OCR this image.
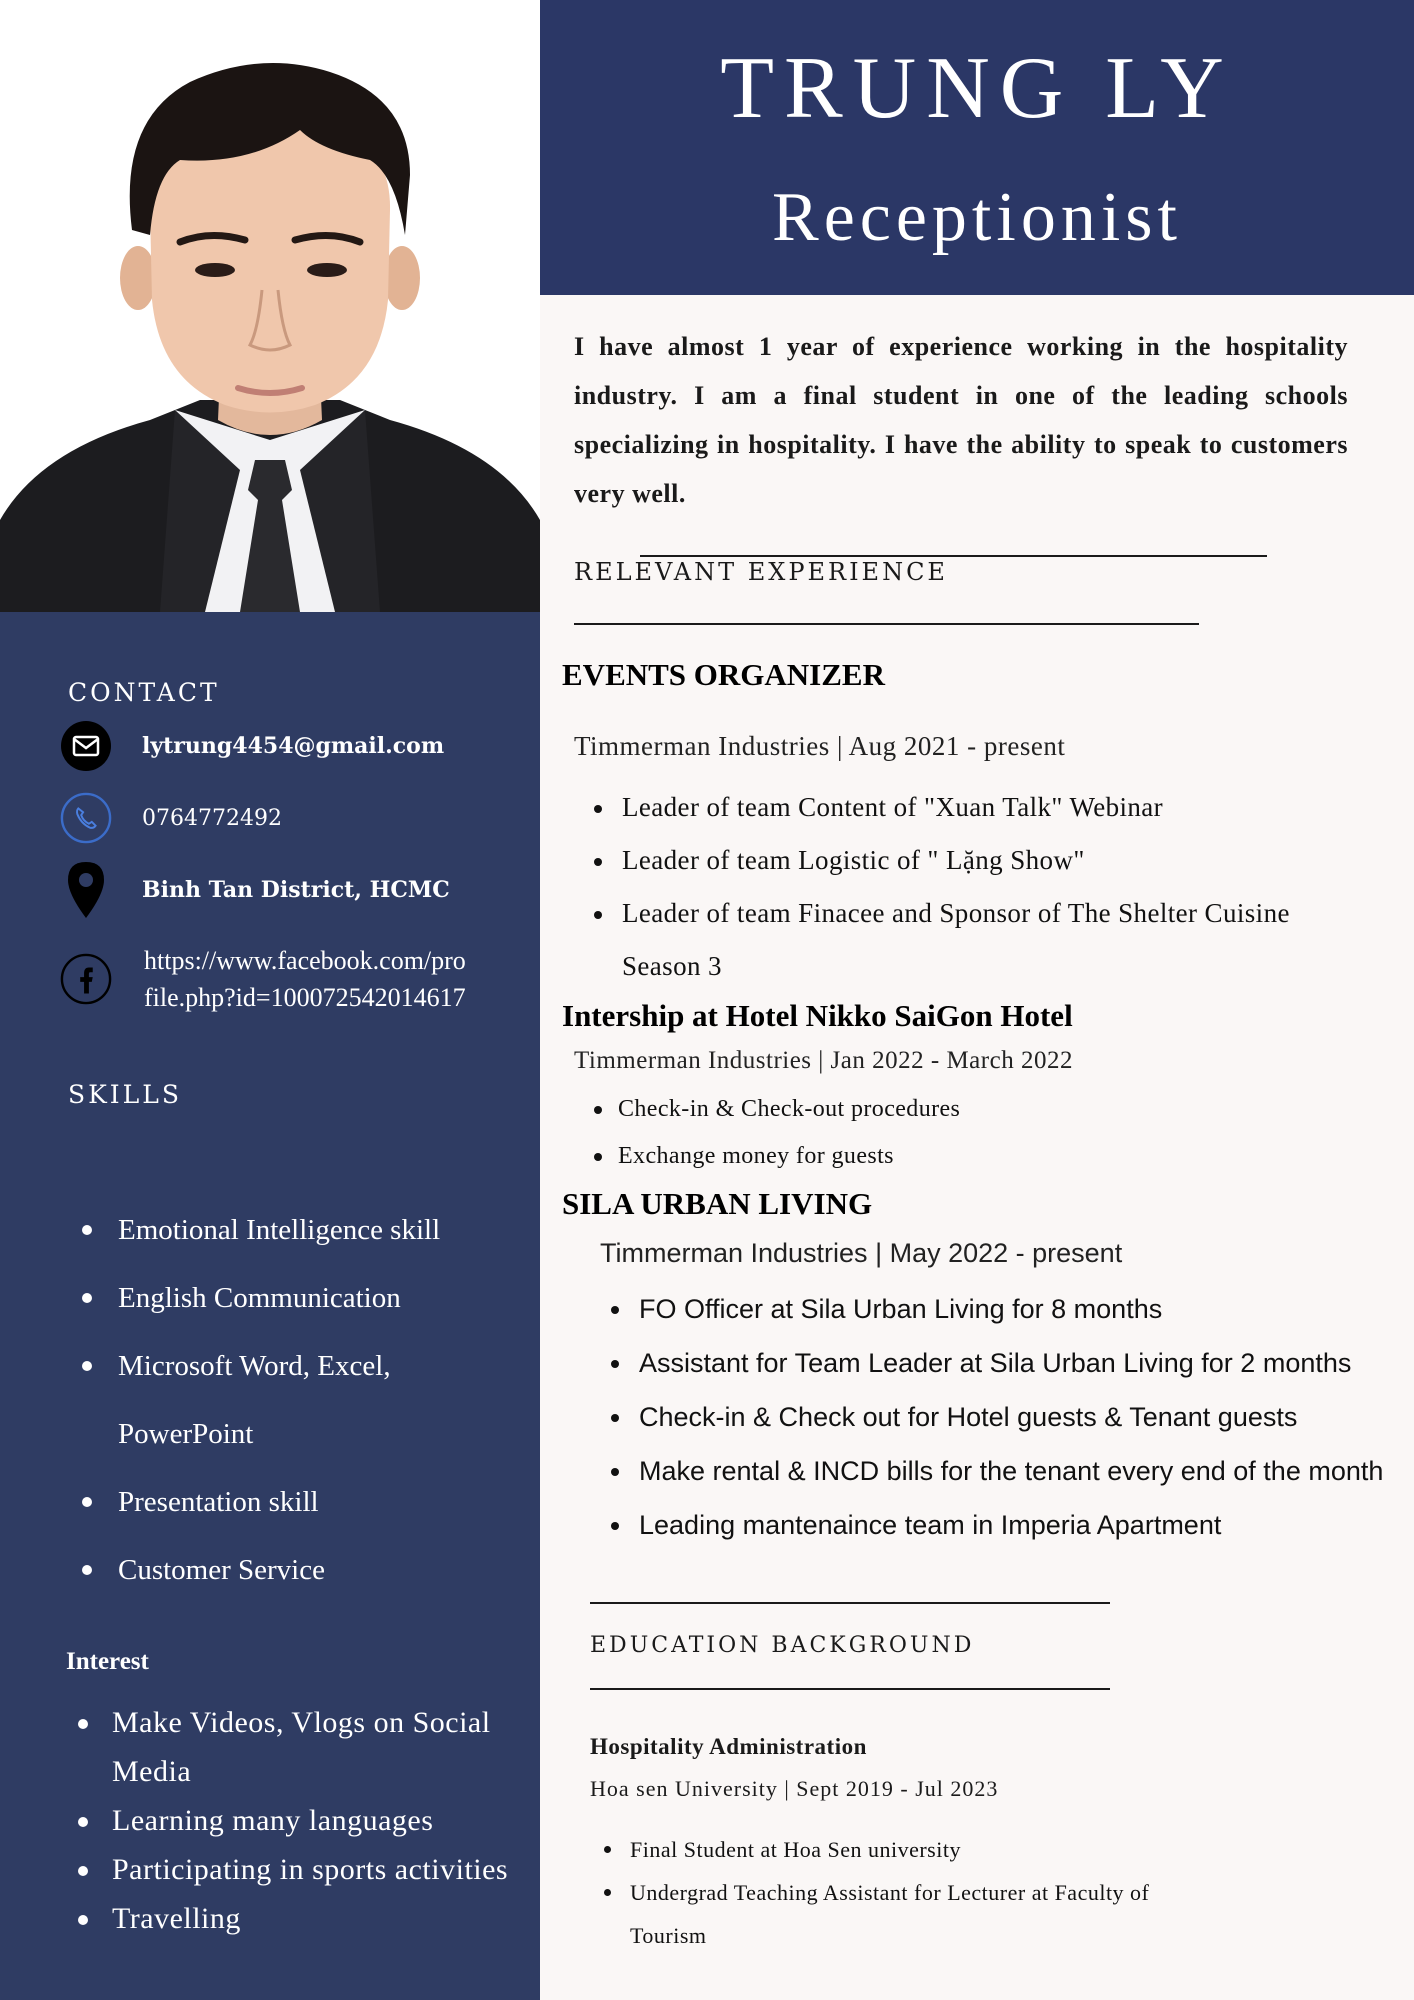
CONTACT
lytrung4454@gmail.com
0764772492
Binh Tan District, HCMC
https://www.facebook.com/pro
file.php?id=100072542014617
SKILLS
Emotional Intelligence skill
English Communication
Microsoft Word, Excel,
PowerPoint
Presentation skill
Customer Service
Interest
Make Videos, Vlogs on Social
Media
Learning many languages
Participating in sports activities
Travelling
TRUNG LY
Receptionist
I have almost 1 year of experience working in the hospitality industry. I am a final student in one of the leading schools specializing in hospitality. I have the ability to speak to customers very well.
RELEVANT EXPERIENCE
EVENTS ORGANIZER
Timmerman Industries | Aug 2021 - present
Leader of team Content of "Xuan Talk" Webinar
Leader of team Logistic of " Lặng Show"
Leader of team Finacee and Sponsor of The Shelter Cuisine
Season 3
Intership at Hotel Nikko SaiGon Hotel
Timmerman Industries | Jan 2022 - March 2022
Check-in & Check-out procedures
Exchange money for guests
SILA URBAN LIVING
Timmerman Industries | May 2022 - present
FO Officer at Sila Urban Living for 8 months
Assistant for Team Leader at Sila Urban Living for 2 months
Check-in & Check out for Hotel guests & Tenant guests
Make rental & INCD bills for the tenant every end of the month
Leading mantenaince team in Imperia Apartment
EDUCATION BACKGROUND
Hospitality Administration
Hoa sen University | Sept 2019 - Jul 2023
Final Student at Hoa Sen university
Undergrad Teaching Assistant for Lecturer at Faculty of
Tourism
